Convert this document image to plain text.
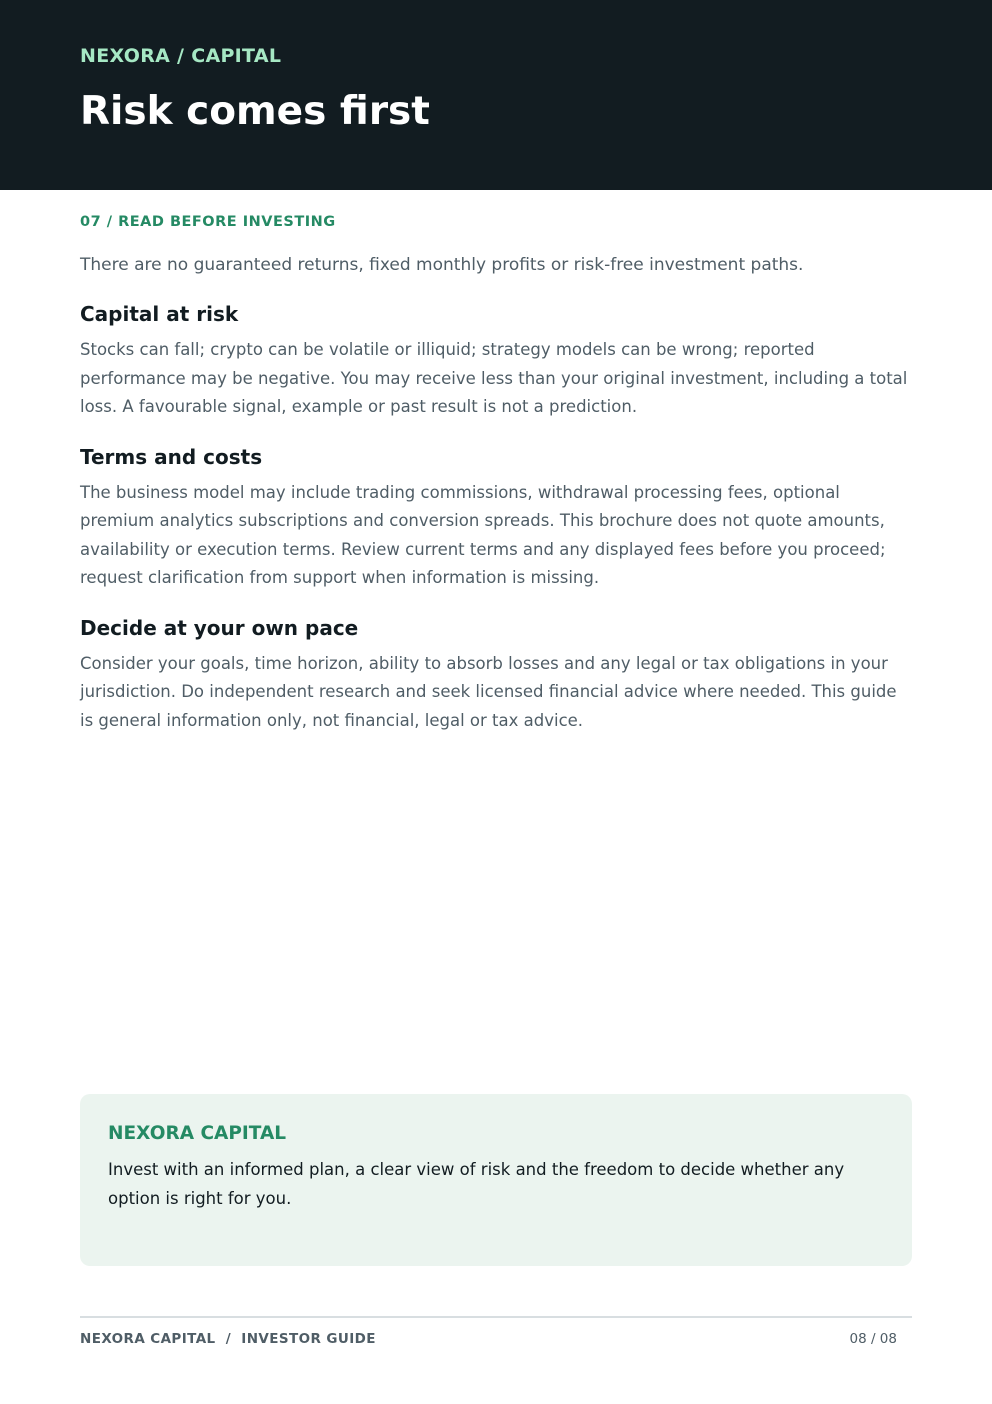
NEXORA / CAPITAL
Risk comes first
07 / READ BEFORE INVESTING

There are no guaranteed returns, fixed monthly profits or risk-free investment paths.

Capital at risk

Stocks can fall; crypto can be volatile or illiquid; strategy models can be wrong; reported performance may be negative. You may receive less than your original investment, including a total loss. A favourable signal, example or past result is not a prediction.

Terms and costs

The business model may include trading commissions, withdrawal processing fees, optional premium analytics subscriptions and conversion spreads. This brochure does not quote amounts, availability or execution terms. Review current terms and any displayed fees before you proceed; request clarification from support when information is missing.

Decide at your own pace

Consider your goals, time horizon, ability to absorb losses and any legal or tax obligations in your jurisdiction. Do independent research and seek licensed financial advice where needed. This guide is general information only, not financial, legal or tax advice.

NEXORA CAPITAL

Invest with an informed plan, a clear view of risk and the freedom to decide whether any option is right for you.

NEXORA CAPITAL  /  INVESTOR GUIDE	08 / 08
